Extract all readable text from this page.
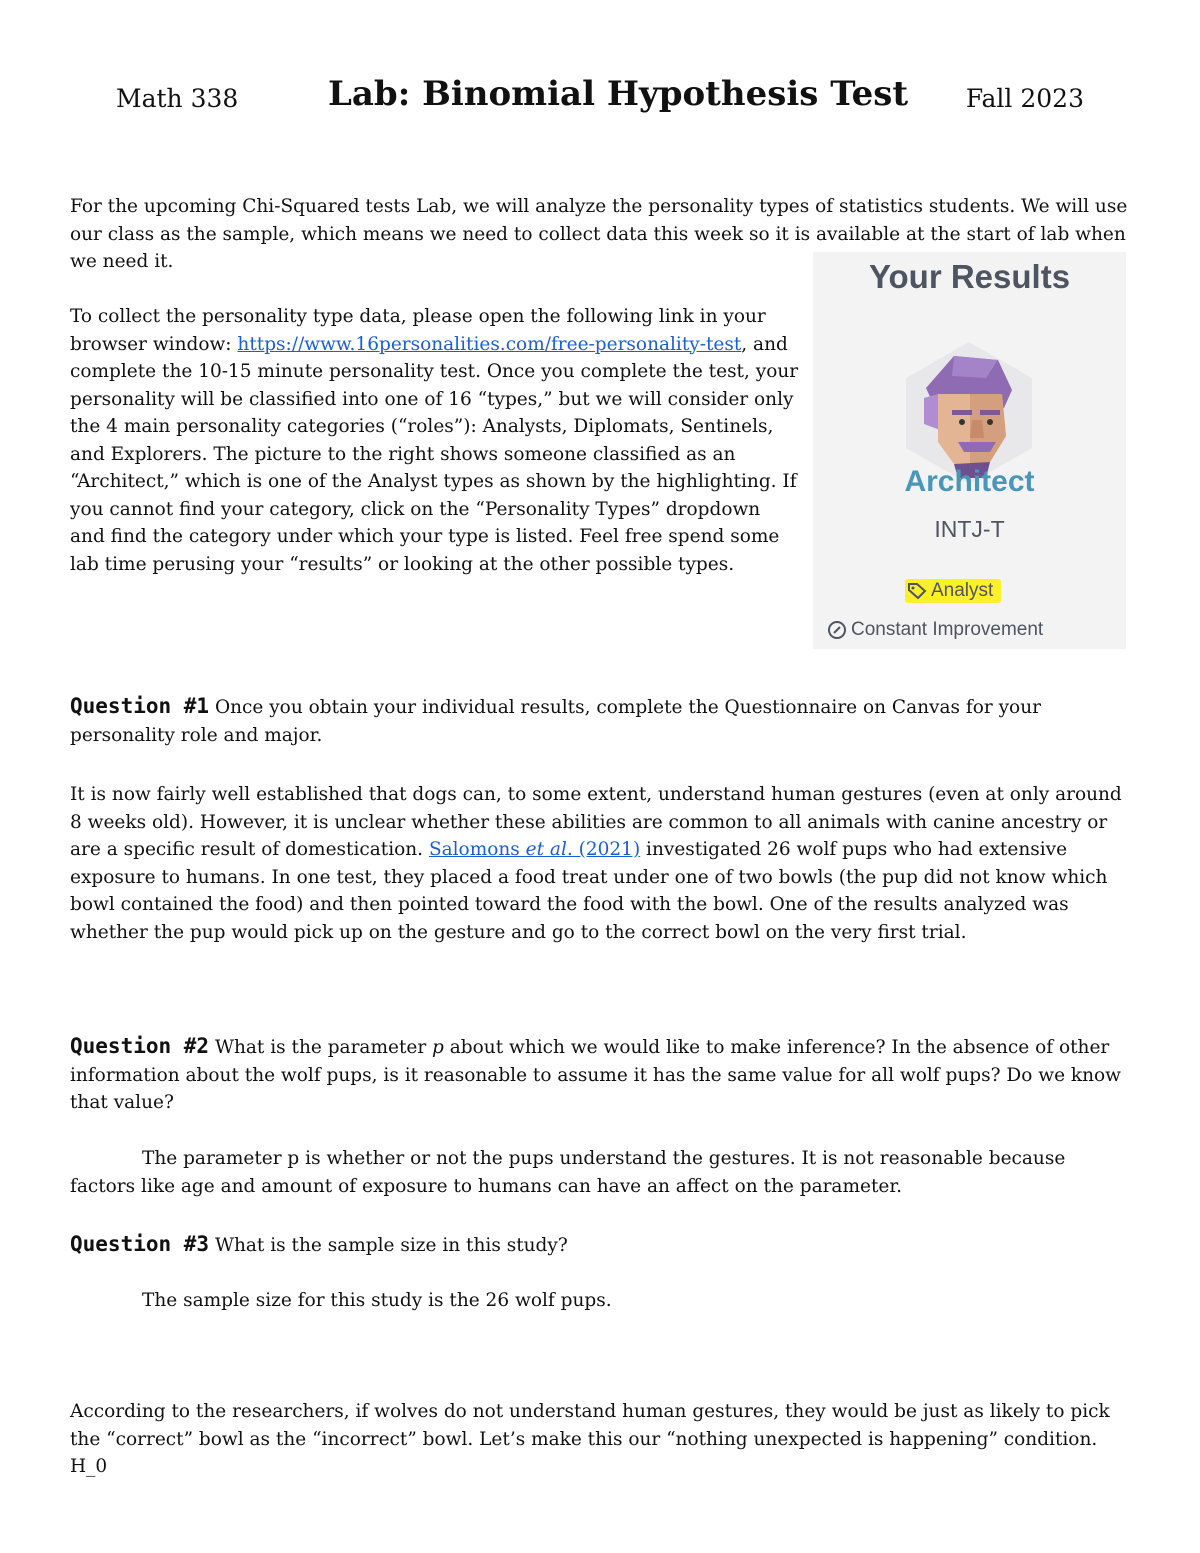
Math 338	Lab: Binomial Hypothesis Test Fall 2023

For the upcoming Chi-Squared tests Lab, we will analyze the personality types of statistics students. We will use our class as the sample, which means we need to collect data this week so it is available at the start of lab when we need it.

To collect the personality type data, please open the following link in your browser window: https://www.16personalities.com/free-personality-test, and complete the 10-15 minute personality test. Once you complete the test, your personality will be classified into one of 16 “types,” but we will consider only the 4 main personality categories (“roles”): Analysts, Diplomats, Sentinels, and Explorers. The picture to the right shows someone classified as an “Architect,” which is one of the Analyst types as shown by the highlighting. If you cannot find your category, click on the “Personality Types” dropdown and find the category under which your type is listed. Feel free spend some lab time perusing your “results” or looking at the other possible types.

Your Results
Architect
INTJ-T
Analyst
Constant Improvement

Question #1 Once you obtain your individual results, complete the Questionnaire on Canvas for your personality role and major.

It is now fairly well established that dogs can, to some extent, understand human gestures (even at only around 8 weeks old). However, it is unclear whether these abilities are common to all animals with canine ancestry or are a specific result of domestication. Salomons et al. (2021) investigated 26 wolf pups who had extensive exposure to humans. In one test, they placed a food treat under one of two bowls (the pup did not know which bowl contained the food) and then pointed toward the food with the bowl. One of the results analyzed was whether the pup would pick up on the gesture and go to the correct bowl on the very first trial.

Question #2 What is the parameter p about which we would like to make inference? In the absence of other information about the wolf pups, is it reasonable to assume it has the same value for all wolf pups? Do we know that value?

The parameter p is whether or not the pups understand the gestures. It is not reasonable because factors like age and amount of exposure to humans can have an affect on the parameter.

Question #3 What is the sample size in this study?

The sample size for this study is the 26 wolf pups.

According to the researchers, if wolves do not understand human gestures, they would be just as likely to pick the “correct” bowl as the “incorrect” bowl. Let’s make this our “nothing unexpected is happening” condition. H_0
